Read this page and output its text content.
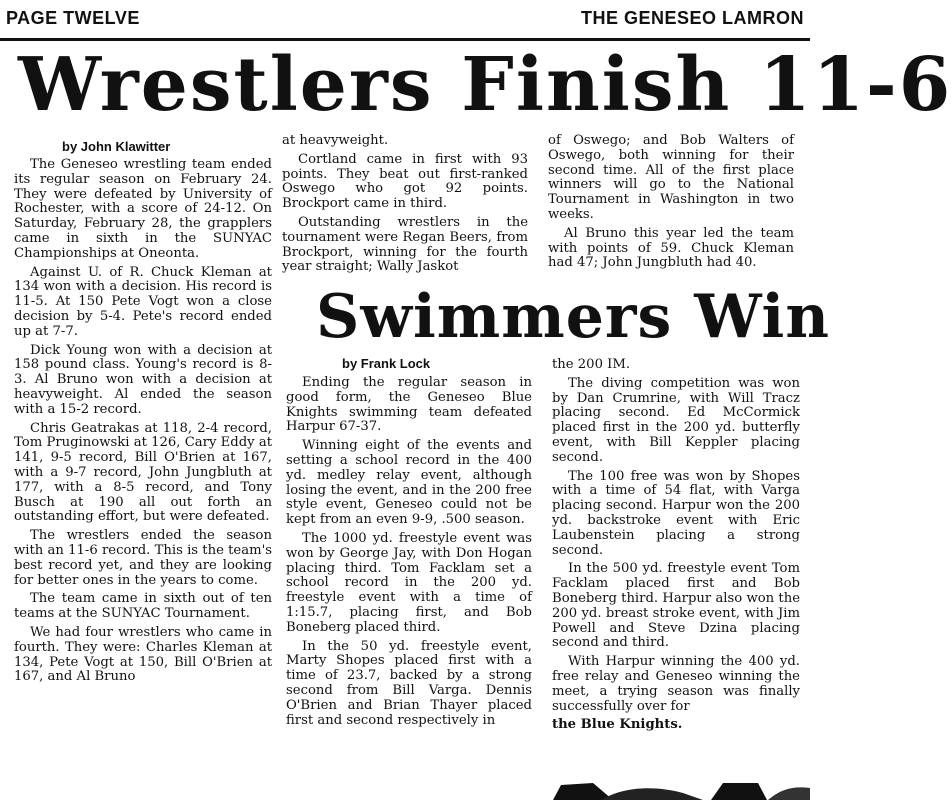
PAGE TWELVE	THE GENESEO LAMRON
Wrestlers Finish 11-6
by John Klawitter

The Geneseo wrestling team ended its regular season on February 24. They were defeated by University of Rochester, with a score of 24-12. On Saturday, February 28, the grapplers came in sixth in the SUNYAC Championships at Oneonta.

Against U. of R. Chuck Kleman at 134 won with a decision. His record is 11-5. At 150 Pete Vogt won a close decision by 5-4. Pete's record ended up at 7-7.

Dick Young won with a decision at 158 pound class. Young's record is 8-3. Al Bruno won with a decision at heavyweight. Al ended the season with a 15-2 record.

Chris Geatrakas at 118, 2-4 record, Tom Pruginowski at 126, Cary Eddy at 141, 9-5 record, Bill O'Brien at 167, with a 9-7 record, John Jungbluth at 177, with a 8-5 record, and Tony Busch at 190 all out forth an outstanding effort, but were defeated.

The wrestlers ended the season with an 11-6 record. This is the team's best record yet, and they are looking for better ones in the years to come.

The team came in sixth out of ten teams at the SUNYAC Tournament.

We had four wrestlers who came in fourth. They were: Charles Kleman at 134, Pete Vogt at 150, Bill O'Brien at 167, and Al Bruno

at heavyweight.

Cortland came in first with 93 points. They beat out first-ranked Oswego who got 92 points. Brockport came in third.

Outstanding wrestlers in the tournament were Regan Beers, from Brockport, winning for the fourth year straight; Wally Jaskot

of Oswego; and Bob Walters of Oswego, both winning for their second time. All of the first place winners will go to the National Tournament in Washington in two weeks.

Al Bruno this year led the team with points of 59. Chuck Kleman had 47; John Jungbluth had 40.

Swimmers Win
by Frank Lock

Ending the regular season in good form, the Geneseo Blue Knights swimming team defeated Harpur 67-37.

Winning eight of the events and setting a school record in the 400 yd. medley relay event, although losing the event, and in the 200 free style event, Geneseo could not be kept from an even 9-9, .500 season.

The 1000 yd. freestyle event was won by George Jay, with Don Hogan placing third. Tom Facklam set a school record in the 200 yd. freestyle event with a time of 1:15.7, placing first, and Bob Boneberg placed third.

In the 50 yd. freestyle event, Marty Shopes placed first with a time of 23.7, backed by a strong second from Bill Varga. Dennis O'Brien and Brian Thayer placed first and second respectively in

the 200 IM.

The diving competition was won by Dan Crumrine, with Will Tracz placing second. Ed McCormick placed first in the 200 yd. butterfly event, with Bill Keppler placing second.

The 100 free was won by Shopes with a time of 54 flat, with Varga placing second. Harpur won the 200 yd. backstroke event with Eric Laubenstein placing a strong second.

In the 500 yd. freestyle event Tom Facklam placed first and Bob Boneberg third. Harpur also won the 200 yd. breast stroke event, with Jim Powell and Steve Dzina placing second and third.

With Harpur winning the 400 yd. free relay and Geneseo winning the meet, a trying season was finally successfully over for

the Blue Knights.
